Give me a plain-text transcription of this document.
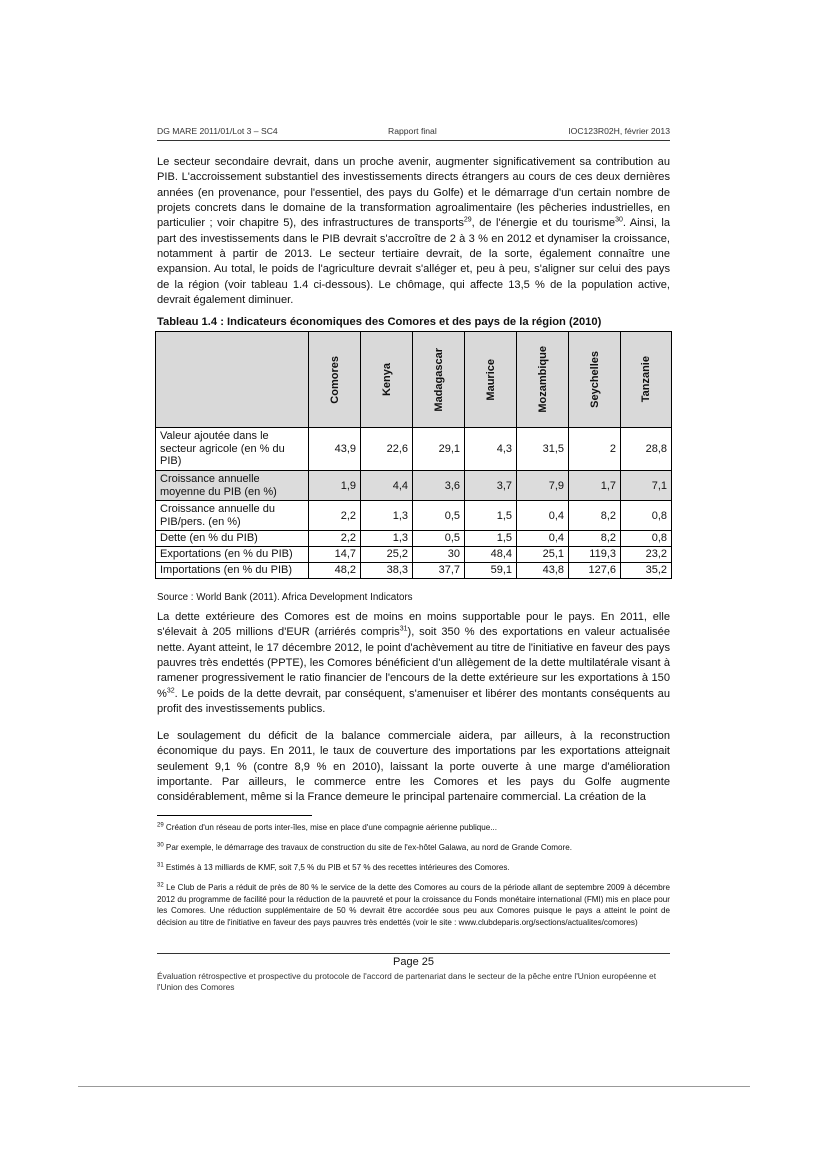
DG MARE 2011/01/Lot 3 – SC4	Rapport final	IOC123R02H, février 2013

Le secteur secondaire devrait, dans un proche avenir, augmenter significativement sa contribution au PIB. L'accroissement substantiel des investissements directs étrangers au cours de ces deux dernières années (en provenance, pour l'essentiel, des pays du Golfe) et le démarrage d'un certain nombre de projets concrets dans le domaine de la transformation agroalimentaire (les pêcheries industrielles, en particulier ; voir chapitre 5), des infrastructures de transports$^{29}$, de l'énergie et du tourisme$^{30}$. Ainsi, la part des investissements dans le PIB devrait s'accroître de 2 à 3 % en 2012 et dynamiser la croissance, notamment à partir de 2013. Le secteur tertiaire devrait, de la sorte, également connaître une expansion. Au total, le poids de l'agriculture devrait s'alléger et, peu à peu, s'aligner sur celui des pays de la région (voir tableau 1.4 ci-dessous). Le chômage, qui affecte 13,5 % de la population active, devrait également diminuer.

Tableau 1.4 : Indicateurs économiques des Comores et des pays de la région (2010)

	Comores	Kenya	Madagascar	Maurice	Mozambique	Seychelles	Tanzanie

Valeur ajoutée dans le secteur agricole (en % du PIB)	43,9	22,6	29,1	4,3	31,5	2	28,8
Croissance annuelle moyenne du PIB (en %)	1,9	4,4	3,6	3,7	7,9	1,7	7,1
Croissance annuelle du PIB/pers. (en %)	2,2	1,3	0,5	1,5	0,4	8,2	0,8
Dette (en % du PIB)	2,2	1,3	0,5	1,5	0,4	8,2	0,8
Exportations (en % du PIB)	14,7	25,2	30	48,4	25,1	119,3	23,2
Importations (en % du PIB)	48,2	38,3	37,7	59,1	43,8	127,6	35,2
Source : World Bank (2011). Africa Development Indicators

La dette extérieure des Comores est de moins en moins supportable pour le pays. En 2011, elle s'élevait à 205 millions d'EUR (arriérés compris$^{31}$), soit 350 % des exportations en valeur actualisée nette. Ayant atteint, le 17 décembre 2012, le point d'achèvement au titre de l'initiative en faveur des pays pauvres très endettés (PPTE), les Comores bénéficient d'un allègement de la dette multilatérale visant à ramener progressivement le ratio financier de l'encours de la dette extérieure sur les exportations à 150 %$^{32}$. Le poids de la dette devrait, par conséquent, s'amenuiser et libérer des montants conséquents au profit des investissements publics.

Le soulagement du déficit de la balance commerciale aidera, par ailleurs, à la reconstruction économique du pays. En 2011, le taux de couverture des importations par les exportations atteignait seulement 9,1 % (contre 8,9 % en 2010), laissant la porte ouverte à une marge d'amélioration importante. Par ailleurs, le commerce entre les Comores et les pays du Golfe augmente considérablement, même si la France demeure le principal partenaire commercial. La création de la

$^{29}$ Création d'un réseau de ports inter-îles, mise en place d'une compagnie aérienne publique...

$^{30}$ Par exemple, le démarrage des travaux de construction du site de l'ex-hôtel Galawa, au nord de Grande Comore.

$^{31}$ Estimés à 13 milliards de KMF, soit 7,5 % du PIB et 57 % des recettes intérieures des Comores.

$^{32}$ Le Club de Paris a réduit de près de 80 % le service de la dette des Comores au cours de la période allant de septembre 2009 à décembre 2012 du programme de facilité pour la réduction de la pauvreté et pour la croissance du Fonds monétaire international (FMI) mis en place pour les Comores. Une réduction supplémentaire de 50 % devrait être accordée sous peu aux Comores puisque le pays a atteint le point de décision au titre de l'initiative en faveur des pays pauvres très endettés (voir le site : www.clubdeparis.org/sections/actualites/comores)

Page 25

Évaluation rétrospective et prospective du protocole de l'accord de partenariat dans le secteur de la pêche entre l'Union européenne et l'Union des Comores
